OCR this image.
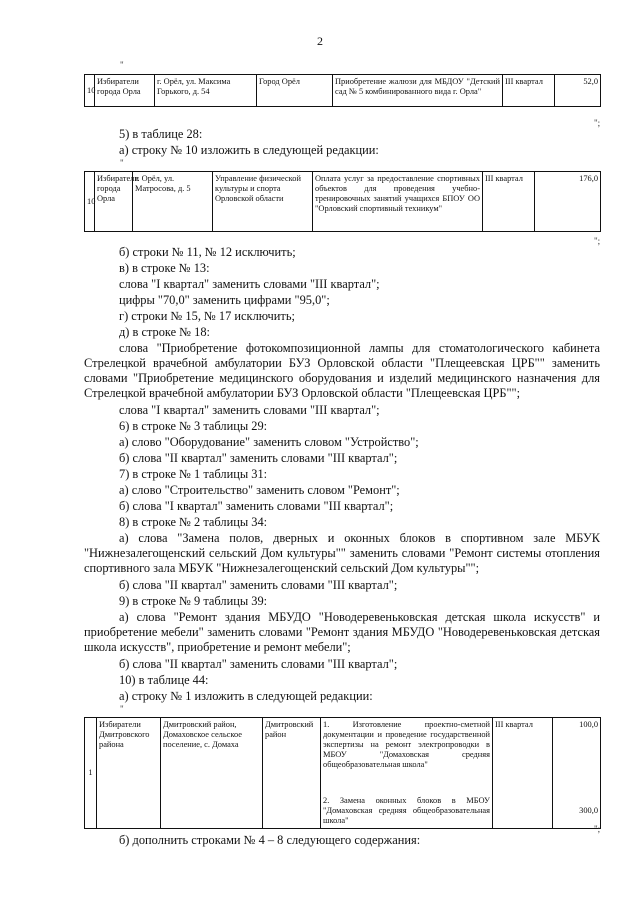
2
"
10	Избиратели города Орла	г. Орёл, ул. Максима Горького, д. 54	Город Орёл	Приобретение жалюзи для МБДОУ "Детский сад № 5 комбинированного вида г. Орла"	III квартал	52,0
";
5) в таблице 28:
а) строку № 10 изложить в следующей редакции:
"
10	Избиратели города Орла	г. Орёл, ул. Матросова, д. 5	Управление физической культуры и спорта Орловской области	Оплата услуг за предоставление спортивных объектов для проведения учебно-тренировочных занятий учащихся БПОУ ОО "Орловский спортивный техникум"	III квартал	176,0
";
б) строки № 11, № 12 исключить;
в) в строке № 13:
слова "I квартал" заменить словами "III квартал";
цифры "70,0" заменить цифрами "95,0";
г) строки № 15, № 17 исключить;
д) в строке № 18:
слова "Приобретение фотокомпозиционной лампы для стоматологического кабинета Стрелецкой врачебной амбулатории БУЗ Орловской области "Плещеевская ЦРБ"" заменить словами "Приобретение медицинского оборудования и изделий медицинского назначения для Стрелецкой врачебной амбулатории БУЗ Орловской области "Плещеевская ЦРБ"";
слова "I квартал" заменить словами "III квартал";
6) в строке № 3 таблицы 29:
а) слово "Оборудование" заменить словом "Устройство";
б) слова "II квартал" заменить словами "III квартал";
7) в строке № 1 таблицы 31:
а) слово "Строительство" заменить словом "Ремонт";
б) слова "I квартал" заменить словами "III квартал";
8) в строке № 2 таблицы 34:
а) слова "Замена полов, дверных и оконных блоков в спортивном зале МБУК "Нижнезалегощенский сельский Дом культуры"" заменить словами "Ремонт системы отопления спортивного зала МБУК "Нижнезалегощенский сельский Дом культуры"";
б) слова "II квартал" заменить словами "III квартал";
9) в строке № 9 таблицы 39:
а) слова "Ремонт здания МБУДО "Новодеревеньковская детская школа искусств" и приобретение мебели" заменить словами "Ремонт здания МБУДО "Новодеревеньковская детская школа искусств", приобретение и ремонт мебели";
б) слова "II квартал" заменить словами "III квартал";
10) в таблице 44:
а) строку № 1 изложить в следующей редакции:
"
1	Избиратели Дмитровского района	Дмитровский район, Домаховское сельское поселение, с. Домаха	Дмитровский район	1. Изготовление проектно-сметной документации и проведение государственной экспертизы на ремонт электропроводки в МБОУ "Домаховская средняя общеобразовательная школа"	III квартал	100,0
				2. Замена оконных блоков в МБОУ "Домаховская средняя общеобразовательная школа"		300,0
";
б) дополнить строками № 4 – 8 следующего содержания:
